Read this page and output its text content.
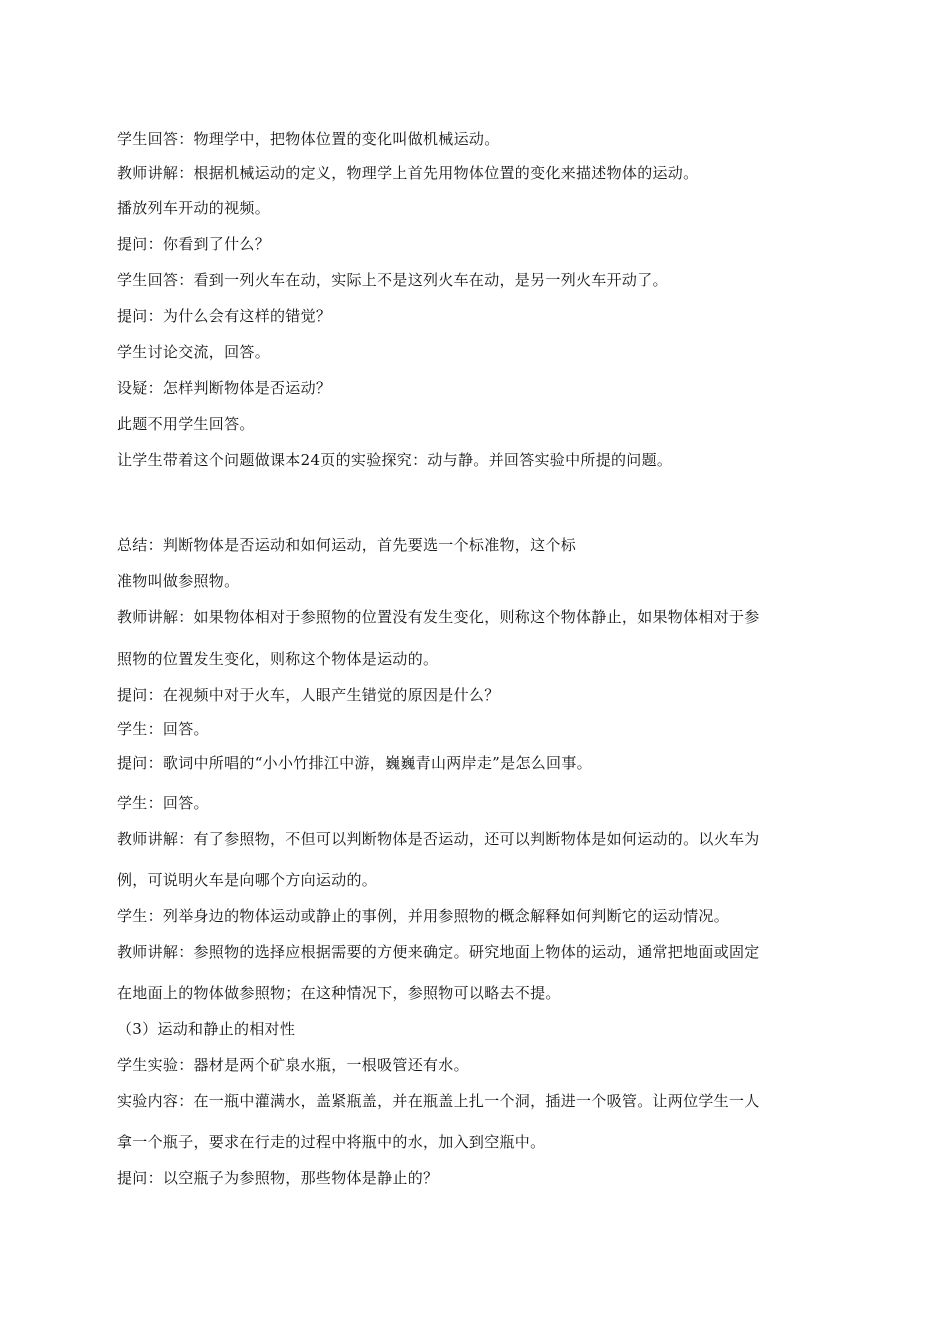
学生回答：物理学中，把物体位置的变化叫做机械运动。
教师讲解：根据机械运动的定义，物理学上首先用物体位置的变化来描述物体的运动。
播放列车开动的视频。
提问：你看到了什么？
学生回答：看到一列火车在动，实际上不是这列火车在动，是另一列火车开动了。
提问：为什么会有这样的错觉？
学生讨论交流，回答。
设疑：怎样判断物体是否运动？
此题不用学生回答。
让学生带着这个问题做课本24页的实验探究：动与静。并回答实验中所提的问题。
总结：判断物体是否运动和如何运动，首先要选一个标准物，这个标
准物叫做参照物。
教师讲解：如果物体相对于参照物的位置没有发生变化，则称这个物体静止，如果物体相对于参
照物的位置发生变化，则称这个物体是运动的。
提问：在视频中对于火车，人眼产生错觉的原因是什么？
学生：回答。
提问：歌词中所唱的“小小竹排江中游，巍巍青山两岸走”是怎么回事。
学生：回答。
教师讲解：有了参照物，不但可以判断物体是否运动，还可以判断物体是如何运动的。以火车为
例，可说明火车是向哪个方向运动的。
学生：列举身边的物体运动或静止的事例，并用参照物的概念解释如何判断它的运动情况。
教师讲解：参照物的选择应根据需要的方便来确定。研究地面上物体的运动，通常把地面或固定
在地面上的物体做参照物；在这种情况下，参照物可以略去不提。
（3）运动和静止的相对性
学生实验：器材是两个矿泉水瓶，一根吸管还有水。
实验内容：在一瓶中灌满水，盖紧瓶盖，并在瓶盖上扎一个洞，插进一个吸管。让两位学生一人
拿一个瓶子，要求在行走的过程中将瓶中的水，加入到空瓶中。
提问：以空瓶子为参照物，那些物体是静止的？
